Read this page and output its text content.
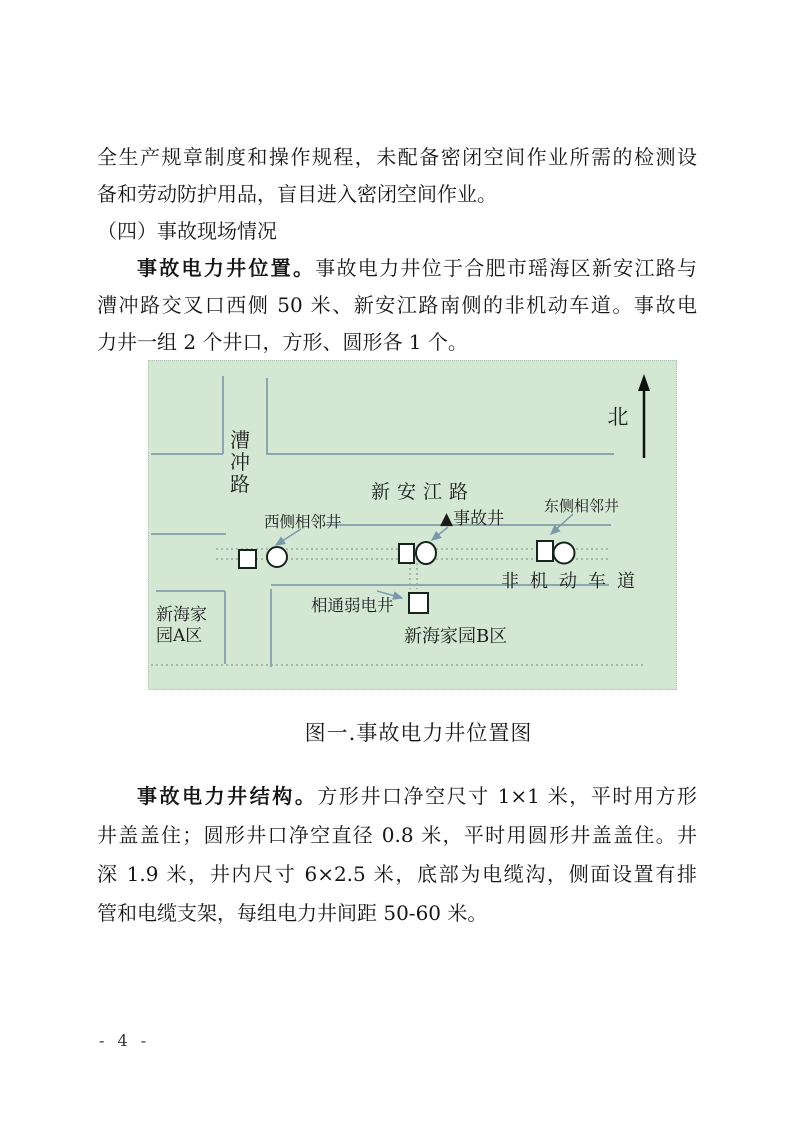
全生产规章制度和操作规程，未配备密闭空间作业所需的检测设
备和劳动防护用品，盲目进入密闭空间作业。
（四）事故现场情况
事故电力井位置。事故电力井位于合肥市瑶海区新安江路与
漕冲路交叉口西侧 50 米、新安江路南侧的非机动车道。事故电
力井一组 2 个井口，方形、圆形各 1 个。
北
漕
冲
路	新安江路
西侧相邻井	▲事故井
东侧相邻井
非机动车道
相通弱电井
新海家园B区
新海家
园A区
图一.事故电力井位置图
事故电力井结构。方形井口净空尺寸 1×1 米，平时用方形
井盖盖住；圆形井口净空直径 0.8 米，平时用圆形井盖盖住。井
深 1.9 米，井内尺寸 6×2.5 米，底部为电缆沟，侧面设置有排
管和电缆支架，每组电力井间距 50-60 米。
- 4 -
